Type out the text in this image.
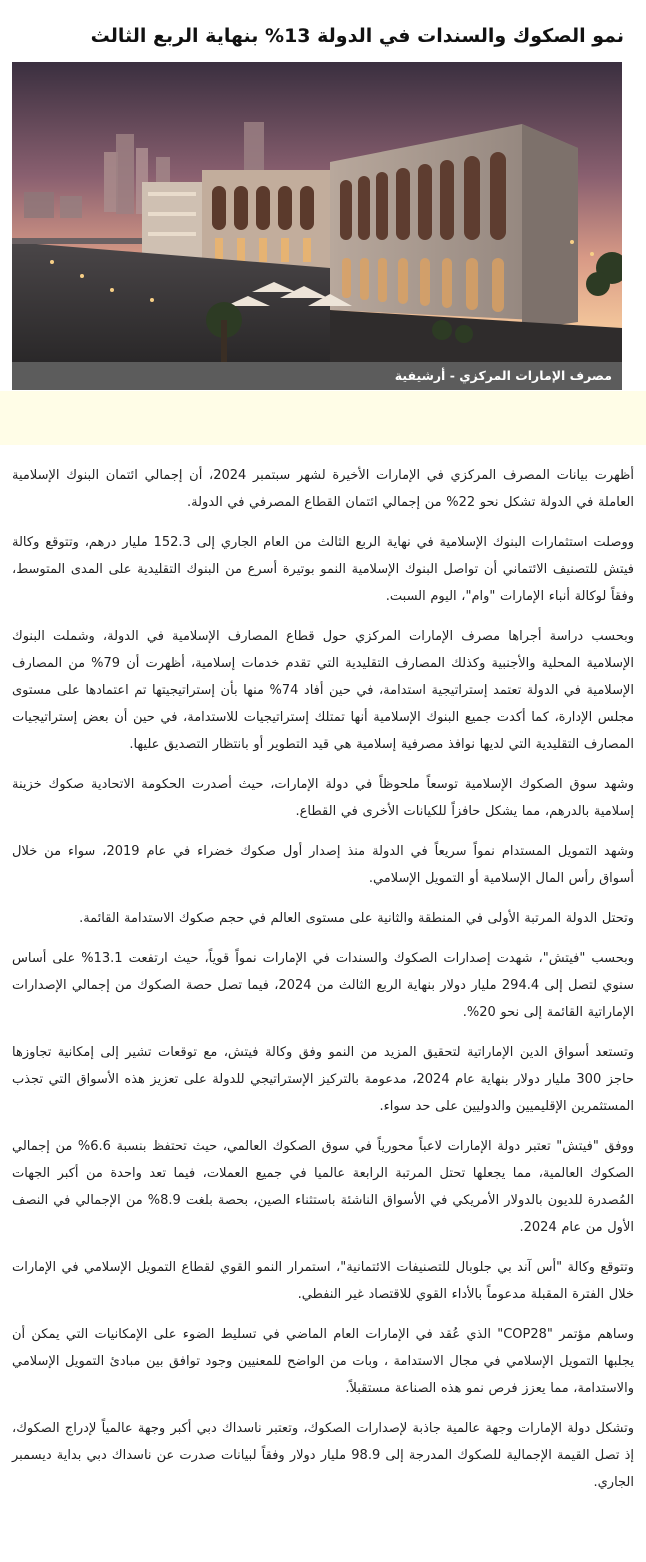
نمو الصكوك والسندات في الدولة 13% بنهاية الربع الثالث
مصرف الإمارات المركزي - أرشيفية

أظهرت بيانات المصرف المركزي في الإمارات الأخيرة لشهر سبتمبر 2024، أن إجمالي ائتمان البنوك الإسلامية العاملة في الدولة تشكل نحو 22% من إجمالي ائتمان القطاع المصرفي في الدولة.

ووصلت استثمارات البنوك الإسلامية في نهاية الربع الثالث من العام الجاري إلى 152.3 مليار درهم، وتتوقع وكالة فيتش للتصنيف الائتماني أن تواصل البنوك الإسلامية النمو بوتيرة أسرع من البنوك التقليدية على المدى المتوسط، وفقاً لوكالة أنباء الإمارات "وام"، اليوم السبت.

وبحسب دراسة أجراها مصرف الإمارات المركزي حول قطاع المصارف الإسلامية في الدولة، وشملت البنوك الإسلامية المحلية والأجنبية وكذلك المصارف التقليدية التي تقدم خدمات إسلامية، أظهرت أن 79% من المصارف الإسلامية في الدولة تعتمد إستراتيجية استدامة، في حين أفاد 74% منها بأن إستراتيجيتها تم اعتمادها على مستوى مجلس الإدارة، كما أكدت جميع البنوك الإسلامية أنها تمتلك إستراتيجيات للاستدامة، في حين أن بعض إستراتيجيات المصارف التقليدية التي لديها نوافذ مصرفية إسلامية هي قيد التطوير أو بانتظار التصديق عليها.

وشهد سوق الصكوك الإسلامية توسعاً ملحوظاً في دولة الإمارات، حيث أصدرت الحكومة الاتحادية صكوك خزينة إسلامية بالدرهم، مما يشكل حافزاً للكيانات الأخرى في القطاع.

وشهد التمويل المستدام نمواً سريعاً في الدولة منذ إصدار أول صكوك خضراء في عام 2019، سواء من خلال أسواق رأس المال الإسلامية أو التمويل الإسلامي.

وتحتل الدولة المرتبة الأولى في المنطقة والثانية على مستوى العالم في حجم صكوك الاستدامة القائمة.

وبحسب "فيتش"، شهدت إصدارات الصكوك والسندات في الإمارات نمواً قوياً، حيث ارتفعت 13.1% على أساس سنوي لتصل إلى 294.4 مليار دولار بنهاية الربع الثالث من 2024، فيما تصل حصة الصكوك من إجمالي الإصدارات الإماراتية القائمة إلى نحو 20%.

وتستعد أسواق الدين الإماراتية لتحقيق المزيد من النمو وفق وكالة فيتش، مع توقعات تشير إلى إمكانية تجاوزها حاجز 300 مليار دولار بنهاية عام 2024، مدعومة بالتركيز الإستراتيجي للدولة على تعزيز هذه الأسواق التي تجذب المستثمرين الإقليميين والدوليين على حد سواء.

ووفق "فيتش" تعتبر دولة الإمارات لاعباً محورياً في سوق الصكوك العالمي، حيث تحتفظ بنسبة 6.6% من إجمالي الصكوك العالمية، مما يجعلها تحتل المرتبة الرابعة عالميا في جميع العملات، فيما تعد واحدة من أكبر الجهات المُصدرة للديون بالدولار الأمريكي في الأسواق الناشئة باستثناء الصين، بحصة بلغت 8.9% من الإجمالي في النصف الأول من عام 2024.

وتتوقع وكالة "أس آند بي جلوبال للتصنيفات الائتمانية"، استمرار النمو القوي لقطاع التمويل الإسلامي في الإمارات خلال الفترة المقبلة مدعوماً بالأداء القوي للاقتصاد غير النفطي.

وساهم مؤتمر "COP28" الذي عُقد في الإمارات العام الماضي في تسليط الضوء على الإمكانيات التي يمكن أن يجلبها التمويل الإسلامي في مجال الاستدامة ، وبات من الواضح للمعنيين وجود توافق بين مبادئ التمويل الإسلامي والاستدامة، مما يعزز فرص نمو هذه الصناعة مستقبلاً.

وتشكل دولة الإمارات وجهة عالمية جاذبة لإصدارات الصكوك، وتعتبر ناسداك دبي أكبر وجهة عالمياً لإدراج الصكوك، إذ تصل القيمة الإجمالية للصكوك المدرجة إلى 98.9 مليار دولار وفقاً لبيانات صدرت عن ناسداك دبي بداية ديسمبر الجاري.
